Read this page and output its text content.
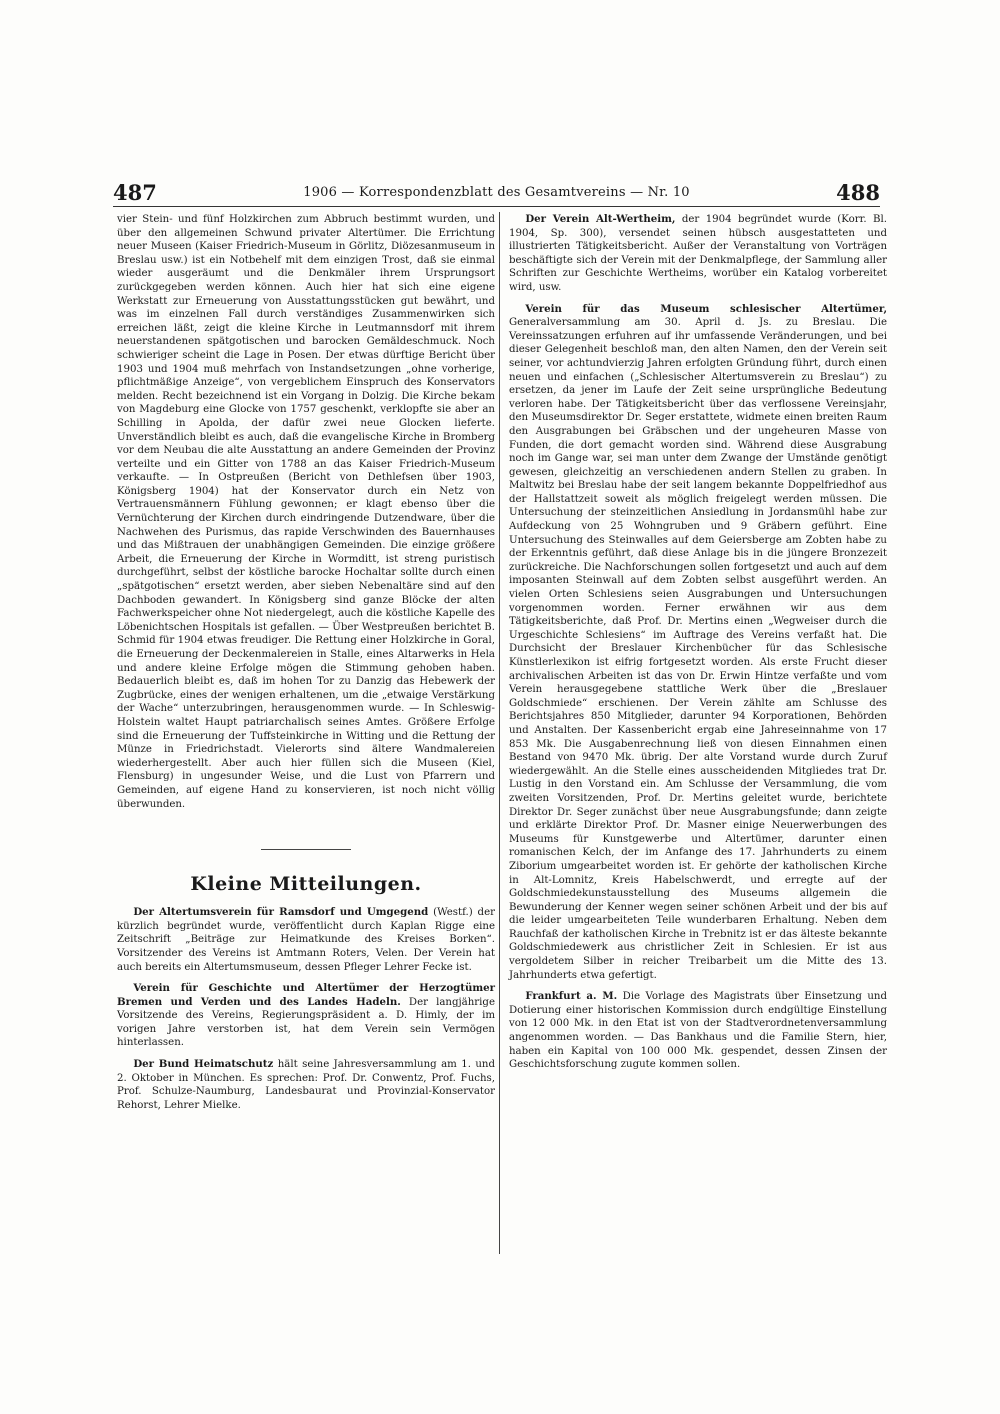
487	1906 — Korrespondenzblatt des Gesamtvereins — Nr. 10	488

vier Stein- und fünf Holzkirchen zum Abbruch bestimmt wurden, und über den allgemeinen Schwund privater Altertümer. Die Errichtung neuer Museen (Kaiser Friedrich-Museum in Görlitz, Diözesanmuseum in Breslau usw.) ist ein Notbehelf mit dem einzigen Trost, daß sie einmal wieder ausgeräumt und die Denkmäler ihrem Ursprungsort zurückgegeben werden können. Auch hier hat sich eine eigene Werkstatt zur Erneuerung von Ausstattungsstücken gut bewährt, und was im einzelnen Fall durch verständiges Zusammenwirken sich erreichen läßt, zeigt die kleine Kirche in Leutmannsdorf mit ihrem neuerstandenen spätgotischen und barocken Gemäldeschmuck. Noch schwieriger scheint die Lage in Posen. Der etwas dürftige Bericht über 1903 und 1904 muß mehrfach von Instandsetzungen „ohne vorherige, pflichtmäßige Anzeige“, von vergeblichem Einspruch des Konservators melden. Recht bezeichnend ist ein Vorgang in Dolzig. Die Kirche bekam von Magdeburg eine Glocke von 1757 geschenkt, verklopfte sie aber an Schilling in Apolda, der dafür zwei neue Glocken lieferte. Unverständlich bleibt es auch, daß die evangelische Kirche in Bromberg vor dem Neubau die alte Ausstattung an andere Gemeinden der Provinz verteilte und ein Gitter von 1788 an das Kaiser Friedrich-Museum verkaufte. — In Ostpreußen (Bericht von Dethlefsen über 1903, Königsberg 1904) hat der Konservator durch ein Netz von Vertrauensmännern Fühlung gewonnen; er klagt ebenso über die Vernüchterung der Kirchen durch eindringende Dutzendware, über die Nachwehen des Purismus, das rapide Verschwinden des Bauernhauses und das Mißtrauen der unabhängigen Gemeinden. Die einzige größere Arbeit, die Erneuerung der Kirche in Wormditt, ist streng puristisch durchgeführt, selbst der köstliche barocke Hochaltar sollte durch einen „spätgotischen“ ersetzt werden, aber sieben Nebenaltäre sind auf den Dachboden gewandert. In Königsberg sind ganze Blöcke der alten Fachwerkspeicher ohne Not niedergelegt, auch die köstliche Kapelle des Löbenichtschen Hospitals ist gefallen. — Über Westpreußen berichtet B. Schmid für 1904 etwas freudiger. Die Rettung einer Holzkirche in Goral, die Erneuerung der Deckenmalereien in Stalle, eines Altarwerks in Hela und andere kleine Erfolge mögen die Stimmung gehoben haben. Bedauerlich bleibt es, daß im hohen Tor zu Danzig das Hebewerk der Zugbrücke, eines der wenigen erhaltenen, um die „etwaige Verstärkung der Wache“ unterzubringen, herausgenommen wurde. — In Schleswig-Holstein waltet Haupt patriarchalisch seines Amtes. Größere Erfolge sind die Erneuerung der Tuffsteinkirche in Witting und die Rettung der Münze in Friedrichstadt. Vielerorts sind ältere Wandmalereien wiederhergestellt. Aber auch hier füllen sich die Museen (Kiel, Flensburg) in ungesunder Weise, und die Lust von Pfarrern und Gemeinden, auf eigene Hand zu konservieren, ist noch nicht völlig überwunden.

Kleine Mitteilungen.

Der Altertumsverein für Ramsdorf und Umgegend (Westf.) der kürzlich begründet wurde, veröffentlicht durch Kaplan Rigge eine Zeitschrift „Beiträge zur Heimatkunde des Kreises Borken“. Vorsitzender des Vereins ist Amtmann Roters, Velen. Der Verein hat auch bereits ein Altertumsmuseum, dessen Pfleger Lehrer Fecke ist.

Verein für Geschichte und Altertümer der Herzogtümer Bremen und Verden und des Landes Hadeln. Der langjährige Vorsitzende des Vereins, Regierungspräsident a. D. Himly, der im vorigen Jahre verstorben ist, hat dem Verein sein Vermögen hinterlassen.

Der Bund Heimatschutz hält seine Jahresversammlung am 1. und 2. Oktober in München. Es sprechen: Prof. Dr. Conwentz, Prof. Fuchs, Prof. Schulze-Naumburg, Landesbaurat und Provinzial-Konservator Rehorst, Lehrer Mielke.

Der Verein Alt-Wertheim, der 1904 begründet wurde (Korr. Bl. 1904, Sp. 300), versendet seinen hübsch ausgestatteten und illustrierten Tätigkeitsbericht. Außer der Veranstaltung von Vorträgen beschäftigte sich der Verein mit der Denkmalpflege, der Sammlung aller Schriften zur Geschichte Wertheims, worüber ein Katalog vorbereitet wird, usw.

Verein für das Museum schlesischer Altertümer, Generalversammlung am 30. April d. Js. zu Breslau. Die Vereinssatzungen erfuhren auf ihr umfassende Veränderungen, und bei dieser Gelegenheit beschloß man, den alten Namen, den der Verein seit seiner, vor achtundvierzig Jahren erfolgten Gründung führt, durch einen neuen und einfachen („Schlesischer Altertumsverein zu Breslau“) zu ersetzen, da jener im Laufe der Zeit seine ursprüngliche Bedeutung verloren habe. Der Tätigkeitsbericht über das verflossene Vereinsjahr, den Museumsdirektor Dr. Seger erstattete, widmete einen breiten Raum den Ausgrabungen bei Gräbschen und der ungeheuren Masse von Funden, die dort gemacht worden sind. Während diese Ausgrabung noch im Gange war, sei man unter dem Zwange der Umstände genötigt gewesen, gleichzeitig an verschiedenen andern Stellen zu graben. In Maltwitz bei Breslau habe der seit langem bekannte Doppelfriedhof aus der Hallstattzeit soweit als möglich freigelegt werden müssen. Die Untersuchung der steinzeitlichen Ansiedlung in Jordansmühl habe zur Aufdeckung von 25 Wohngruben und 9 Gräbern geführt. Eine Untersuchung des Steinwalles auf dem Geiersberge am Zobten habe zu der Erkenntnis geführt, daß diese Anlage bis in die jüngere Bronzezeit zurückreiche. Die Nachforschungen sollen fortgesetzt und auch auf dem imposanten Steinwall auf dem Zobten selbst ausgeführt werden. An vielen Orten Schlesiens seien Ausgrabungen und Untersuchungen vorgenommen worden. Ferner erwähnen wir aus dem Tätigkeitsberichte, daß Prof. Dr. Mertins einen „Wegweiser durch die Urgeschichte Schlesiens“ im Auftrage des Vereins verfaßt hat. Die Durchsicht der Breslauer Kirchenbücher für das Schlesische Künstlerlexikon ist eifrig fortgesetzt worden. Als erste Frucht dieser archivalischen Arbeiten ist das von Dr. Erwin Hintze verfaßte und vom Verein herausgegebene stattliche Werk über die „Breslauer Goldschmiede“ erschienen. Der Verein zählte am Schlusse des Berichtsjahres 850 Mitglieder, darunter 94 Korporationen, Behörden und Anstalten. Der Kassenbericht ergab eine Jahreseinnahme von 17 853 Mk. Die Ausgabenrechnung ließ von diesen Einnahmen einen Bestand von 9470 Mk. übrig. Der alte Vorstand wurde durch Zuruf wiedergewählt. An die Stelle eines ausscheidenden Mitgliedes trat Dr. Lustig in den Vorstand ein. Am Schlusse der Versammlung, die vom zweiten Vorsitzenden, Prof. Dr. Mertins geleitet wurde, berichtete Direktor Dr. Seger zunächst über neue Ausgrabungsfunde; dann zeigte und erklärte Direktor Prof. Dr. Masner einige Neuerwerbungen des Museums für Kunstgewerbe und Altertümer, darunter einen romanischen Kelch, der im Anfange des 17. Jahrhunderts zu einem Ziborium umgearbeitet worden ist. Er gehörte der katholischen Kirche in Alt-Lomnitz, Kreis Habelschwerdt, und erregte auf der Goldschmiedekunstausstellung des Museums allgemein die Bewunderung der Kenner wegen seiner schönen Arbeit und der bis auf die leider umgearbeiteten Teile wunderbaren Erhaltung. Neben dem Rauchfaß der katholischen Kirche in Trebnitz ist er das älteste bekannte Goldschmiedewerk aus christlicher Zeit in Schlesien. Er ist aus vergoldetem Silber in reicher Treibarbeit um die Mitte des 13. Jahrhunderts etwa gefertigt.

Frankfurt a. M. Die Vorlage des Magistrats über Einsetzung und Dotierung einer historischen Kommission durch endgültige Einstellung von 12 000 Mk. in den Etat ist von der Stadtverordnetenversammlung angenommen worden. — Das Bankhaus und die Familie Stern, hier, haben ein Kapital von 100 000 Mk. gespendet, dessen Zinsen der Geschichtsforschung zugute kommen sollen.
